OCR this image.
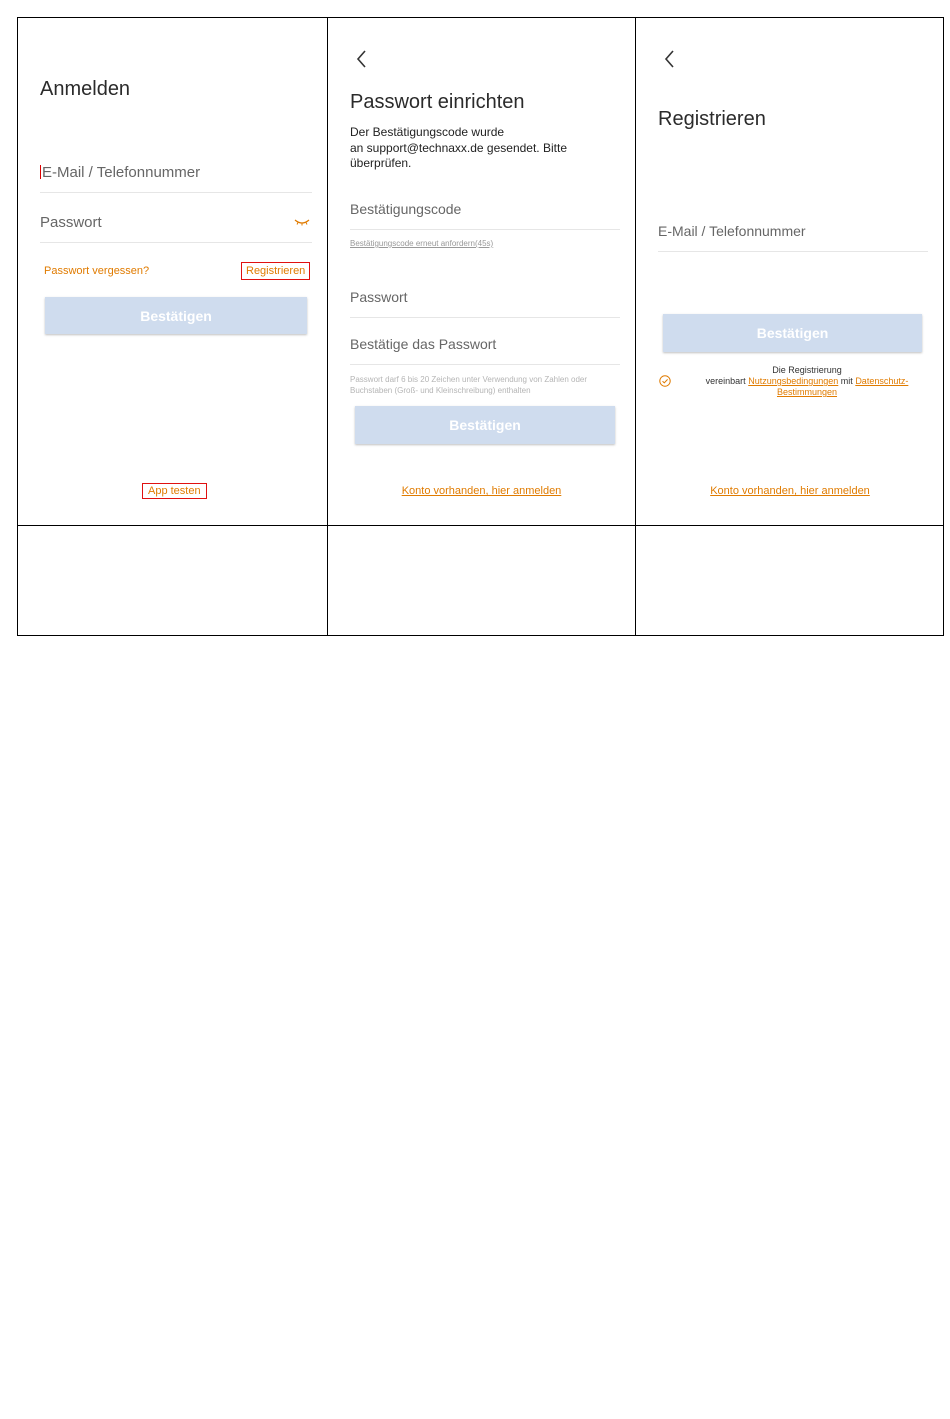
Anmelden
E-Mail / Telefonnummer
Passwort
Passwort vergessen?	Registrieren
Bestätigen
App testen
Passwort einrichten
Der Bestätigungscode wurde
an support@technaxx.de gesendet. Bitte
überprüfen.
Bestätigungscode
Bestätigungscode erneut anfordern(45s)
Passwort
Bestätige das Passwort
Passwort darf 6 bis 20 Zeichen unter Verwendung von Zahlen oder
Buchstaben (Groß- und Kleinschreibung) enthalten
Bestätigen
Konto vorhanden, hier anmelden
Registrieren
E-Mail / Telefonnummer
Bestätigen
Die Registrierung
vereinbart Nutzungsbedingungen mit Datenschutz-
Bestimmungen
Konto vorhanden, hier anmelden
